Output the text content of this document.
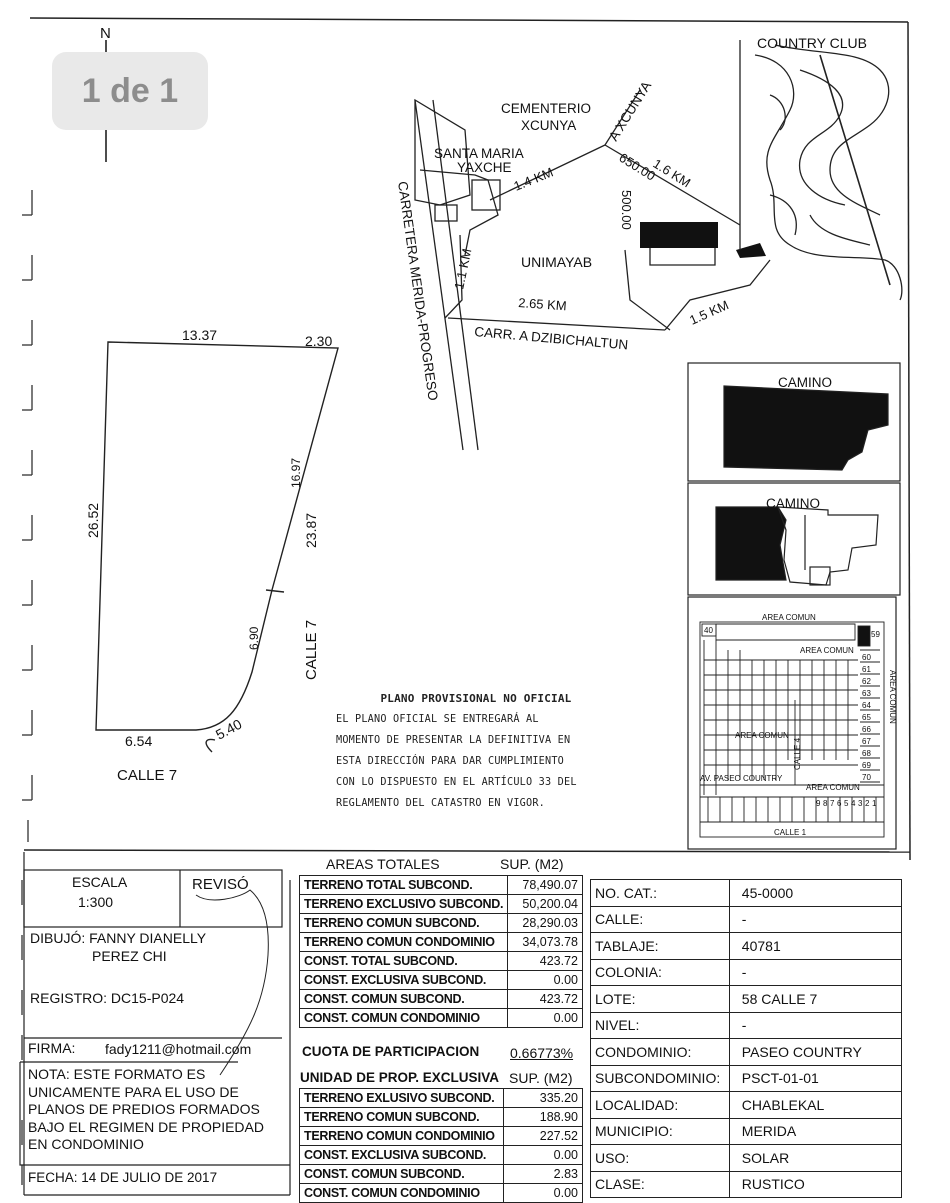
N
COUNTRY CLUB
CEMENTERIO
XCUNYA A XCUNYA
SANTA MARIA
YAXCHE 1.4 KM	650.00
1.6 KM
500.00
CARRETERA MERIDA-PROGRESO	UNIMAYAB
1.1 KM
2.65 KM	1.5 KM
CARR. A DZIBICHALTUN
13.37	2.30
26.52
16.97
23.87
6.90	CALLE 7
6.54	5.40
CALLE 7
CAMINO
CAMINO
AREA COMUN
40	59
AREA COMUN
AREA COMUN
AREA COMUN
CALLE 4
AV. PASEO COUNTRY
AREA COMUN
CALLE 1
60
61
62
63
64
65
66
67
68
69
70
9 8 7 6 5 4 3 2 1
1 de 1
PLANO PROVISIONAL NO OFICIAL
EL PLANO OFICIAL SE ENTREGARÁ AL
MOMENTO DE PRESENTAR LA DEFINITIVA EN
ESTA DIRECCIÓN PARA DAR CUMPLIMIENTO
CON LO DISPUESTO EN EL ARTÍCULO 33 DEL
REGLAMENTO DEL CATASTRO EN VIGOR.
ESCALA
1:300
REVISÓ
DIBUJÓ: FANNY DIANELLY
PEREZ CHI
REGISTRO: DC15-P024
FIRMA: fady1211@hotmail.com
NOTA: ESTE FORMATO ES
UNICAMENTE PARA EL USO DE
PLANOS DE PREDIOS FORMADOS
BAJO EL REGIMEN DE PROPIEDAD
EN CONDOMINIO
FECHA: 14 DE JULIO DE 2017
AREAS TOTALES	SUP. (M2)
TERRENO TOTAL SUBCOND.	78,490.07
TERRENO EXCLUSIVO SUBCOND.	50,200.04
TERRENO COMUN SUBCOND.	28,290.03
TERRENO COMUN CONDOMINIO	34,073.78
CONST. TOTAL SUBCOND.	423.72
CONST. EXCLUSIVA SUBCOND.	0.00
CONST. COMUN SUBCOND.	423.72
CONST. COMUN CONDOMINIO	0.00
CUOTA DE PARTICIPACION 0.66773%
UNIDAD DE PROP. EXCLUSIVA SUP. (M2)
TERRENO EXLUSIVO SUBCOND.	335.20
TERRENO COMUN SUBCOND.	188.90
TERRENO COMUN CONDOMINIO	227.52
CONST. EXCLUSIVA SUBCOND.	0.00
CONST. COMUN SUBCOND.	2.83
CONST. COMUN CONDOMINIO	0.00
NO. CAT.:	45-0000
CALLE:	-
TABLAJE:	40781
COLONIA:	-
LOTE:	58 CALLE 7
NIVEL:	-
CONDOMINIO:	PASEO COUNTRY
SUBCONDOMINIO:	PSCT-01-01
LOCALIDAD:	CHABLEKAL
MUNICIPIO:	MERIDA
USO:	SOLAR
CLASE:	RUSTICO
